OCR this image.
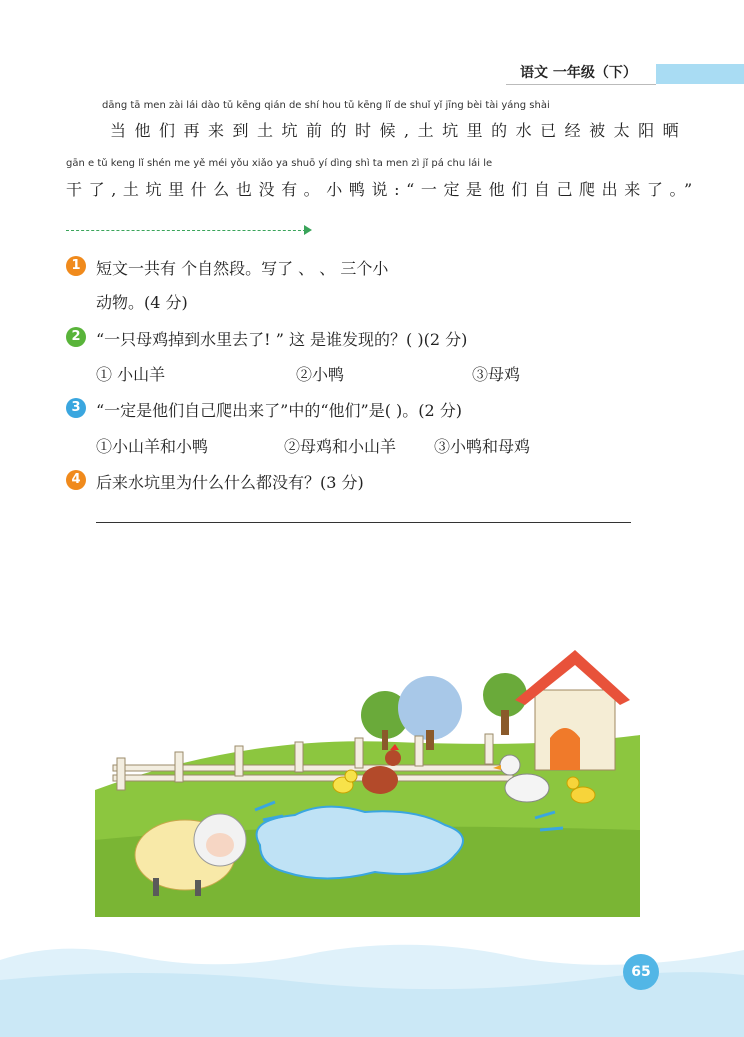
语文 一年级（下）
dāng tā men zài lái dào tǔ kēng qián de shí hou tǔ kēng lǐ de shuǐ yǐ jīng bèi tài yáng shài
当他们再来到土坑前的时候,土坑里的水已经被太阳晒
gān e tǔ keng lǐ shén me yě méi yǒu xiǎo ya shuō yí dìng shì ta men zì jǐ pá chu lái le
干了,土坑里什么也没有。小鸭说:“一定是他们自己爬出来了。”
1 短文一共有 个自然段。写了 、 、 三个小
动物。(4 分)
2 “一只母鸡掉到水里去了! ” 这 是谁发现的？( )(2 分)
① 小山羊	②小鸭	③母鸡
3 “一定是他们自己爬出来了”中的“他们”是( )。(2 分)
①小山羊和小鸭	②母鸡和小山羊 ③小鸭和母鸡
4 后来水坑里为什么什么都没有？(3 分)
65
